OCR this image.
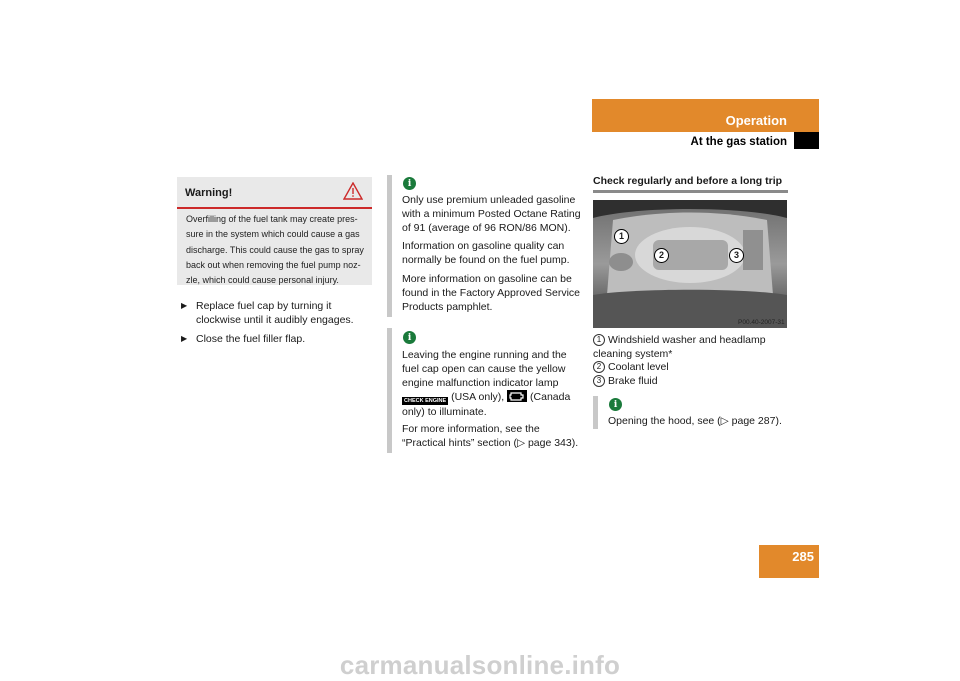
Operation
At the gas station
Warning!
Overfilling of the fuel tank may create pres-
sure in the system which could cause a gas
discharge. This could cause the gas to spray
back out when removing the fuel pump noz-
zle, which could cause personal injury.
▶ Replace fuel cap by turning it clockwise until it audibly engages.
▶ Close the fuel filler flap.
i
Only use premium unleaded gasoline with a minimum Posted Octane Rating of 91 (average of 96 RON/86 MON).
Information on gasoline quality can normally be found on the fuel pump.
More information on gasoline can be found in the Factory Approved Service Products pamphlet.
i
Leaving the engine running and the fuel cap open can cause the yellow engine malfunction indicator lamp CHECK ENGINE (USA only), (Canada only) to illuminate.
For more information, see the “Practical hints” section (▷ page 343).
Check regularly and before a long trip
1
2	3
P00.40-2007-31
1 Windshield washer and headlamp cleaning system*
2 Coolant level
3 Brake fluid
i
Opening the hood, see (▷ page 287).
285
carmanualsonline.info
